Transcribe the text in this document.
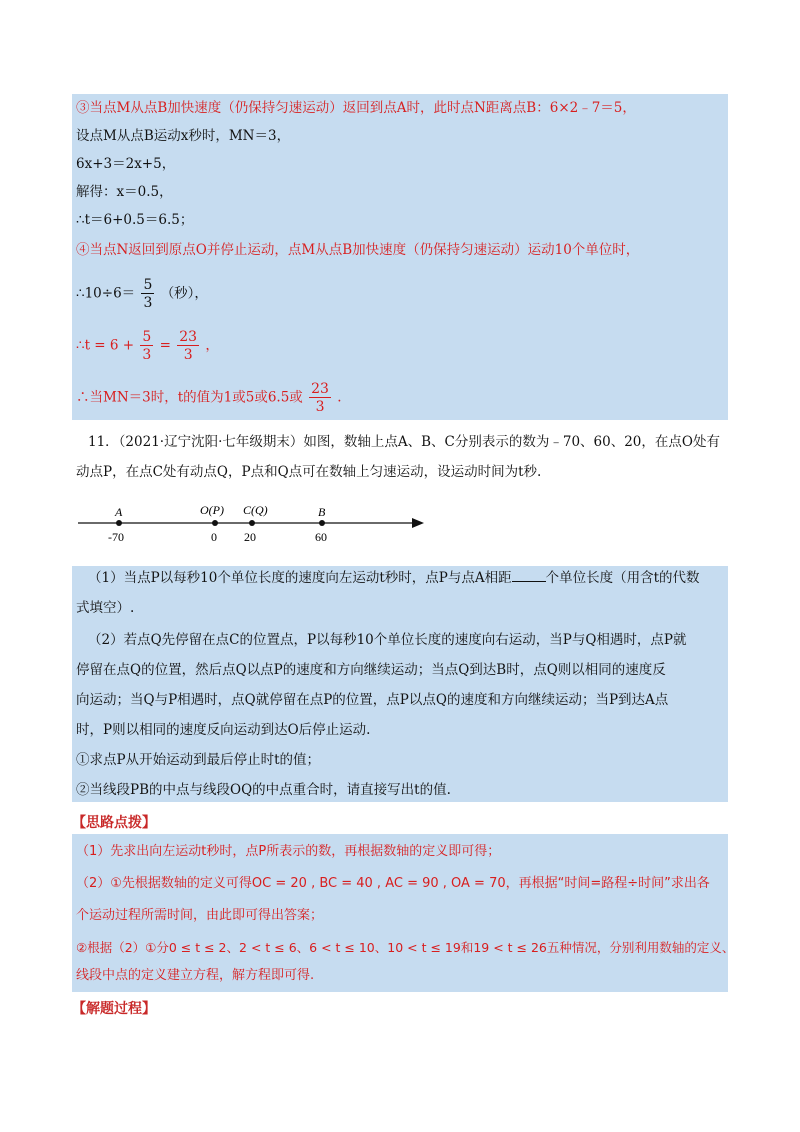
③当点M从点B加快速度（仍保持匀速运动）返回到点A时，此时点N距离点B：6×2﹣7＝5，
设点M从点B运动x秒时，MN＝3，
6x+3＝2x+5，
解得：x＝0.5，
∴t＝6+0.5＝6.5；
④当点N返回到原点O并停止运动，点M从点B加快速度（仍保持匀速运动）运动10个单位时，
∴10÷6＝ $\frac{5}{3}$ （秒），
∴t = $6 + \frac{5}{3} = \frac{23}{3}$ ，
∴当MN＝3时，t的值为1或5或6.5或 $\frac{23}{3}$ .
11．（2021·辽宁沈阳·七年级期末）如图，数轴上点A、B、C分别表示的数为﹣70、60、20，在点O处有
动点P，在点C处有动点Q，P点和Q点可在数轴上匀速运动，设运动时间为t秒.
A	O(P) C(Q)	B
-70	0 20	60
（1）当点P以每秒10个单位长度的速度向左运动t秒时，点P与点A相距	个单位长度（用含t的代数
式填空）.
（2）若点Q先停留在点C的位置点，P以每秒10个单位长度的速度向右运动，当P与Q相遇时，点P就
停留在点Q的位置，然后点Q以点P的速度和方向继续运动；当点Q到达B时，点Q则以相同的速度反
向运动；当Q与P相遇时，点Q就停留在点P的位置，点P以点Q的速度和方向继续运动；当P到达A点
时，P则以相同的速度反向运动到达O后停止运动.
①求点P从开始运动到最后停止时t的值；
②当线段PB的中点与线段OQ的中点重合时，请直接写出t的值.
【思路点拨】
（1）先求出向左运动t秒时，点P所表示的数，再根据数轴的定义即可得；
（2）①先根据数轴的定义可得OC = 20 , BC = 40 , AC = 90 , OA = 70，再根据“时间=路程÷时间”求出各
个运动过程所需时间，由此即可得出答案；
②根据（2）①分0 ≤ t ≤ 2、2 < t ≤ 6、6 < t ≤ 10、10 < t ≤ 19和19 < t ≤ 26五种情况，分别利用数轴的定义、
线段中点的定义建立方程，解方程即可得.
【解题过程】
